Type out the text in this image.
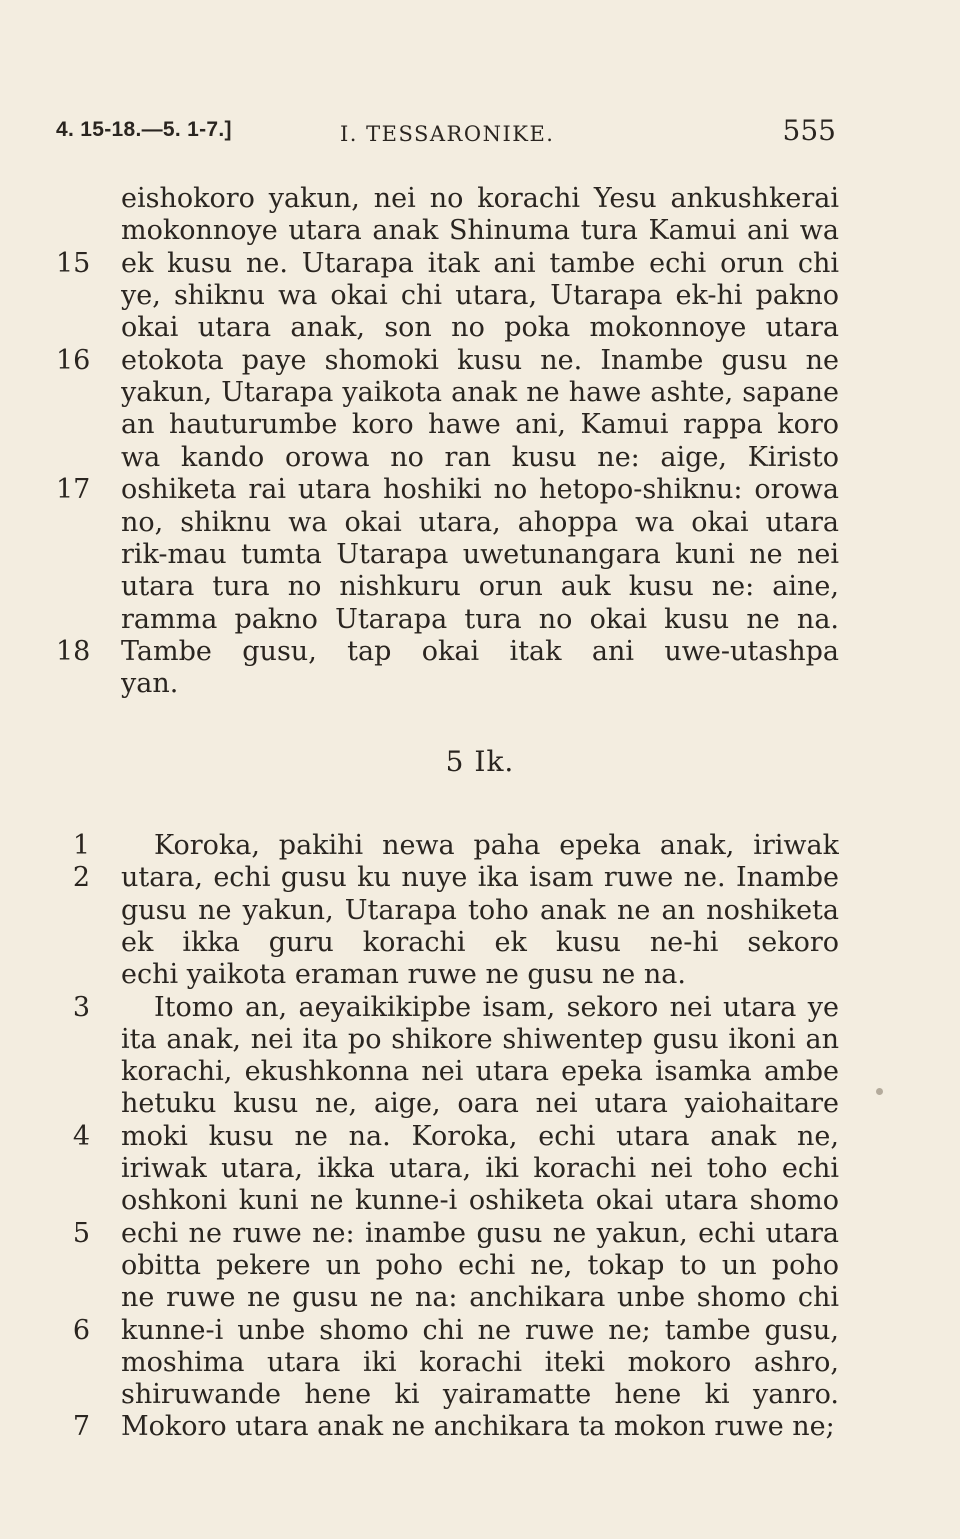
4. 15-18.—5. 1-7.]	I. TESSARONIKE.	555
eishokoro yakun, nei no korachi Yesu ankushkerai
mokonnoye utara anak Shinuma tura Kamui ani wa
15 ek kusu ne. Utarapa itak ani tambe echi orun chi
ye, shiknu wa okai chi utara, Utarapa ek-hi pakno
okai utara anak, son no poka mokonnoye utara
16 etokota paye shomoki kusu ne. Inambe gusu ne
yakun, Utarapa yaikota anak ne hawe ashte, sapane
an hauturumbe koro hawe ani, Kamui rappa koro
wa kando orowa no ran kusu ne: aige, Kiristo
17 oshiketa rai utara hoshiki no hetopo-shiknu: orowa
no, shiknu wa okai utara, ahoppa wa okai utara
rik-mau tumta Utarapa uwetunangara kuni ne nei
utara tura no nishkuru orun auk kusu ne: aine,
ramma pakno Utarapa tura no okai kusu ne na.
18 Tambe gusu, tap okai itak ani uwe-utashpa
yan.
5 Ik.
1 Koroka, pakihi newa paha epeka anak, iriwak
2 utara, echi gusu ku nuye ika isam ruwe ne. Inambe
gusu ne yakun, Utarapa toho anak ne an noshiketa
ek ikka guru korachi ek kusu ne-hi sekoro
echi yaikota eraman ruwe ne gusu ne na.
3 Itomo an, aeyaikikipbe isam, sekoro nei utara ye
ita anak, nei ita po shikore shiwentep gusu ikoni an
korachi, ekushkonna nei utara epeka isamka ambe
hetuku kusu ne, aige, oara nei utara yaiohaitare
4 moki kusu ne na. Koroka, echi utara anak ne,
iriwak utara, ikka utara, iki korachi nei toho echi
oshkoni kuni ne kunne-i oshiketa okai utara shomo
5 echi ne ruwe ne: inambe gusu ne yakun, echi utara
obitta pekere un poho echi ne, tokap to un poho
ne ruwe ne gusu ne na: anchikara unbe shomo chi
6 kunne-i unbe shomo chi ne ruwe ne; tambe gusu,
moshima utara iki korachi iteki mokoro ashro,
shiruwande hene ki yairamatte hene ki yanro.
7 Mokoro utara anak ne anchikara ta mokon ruwe ne;
